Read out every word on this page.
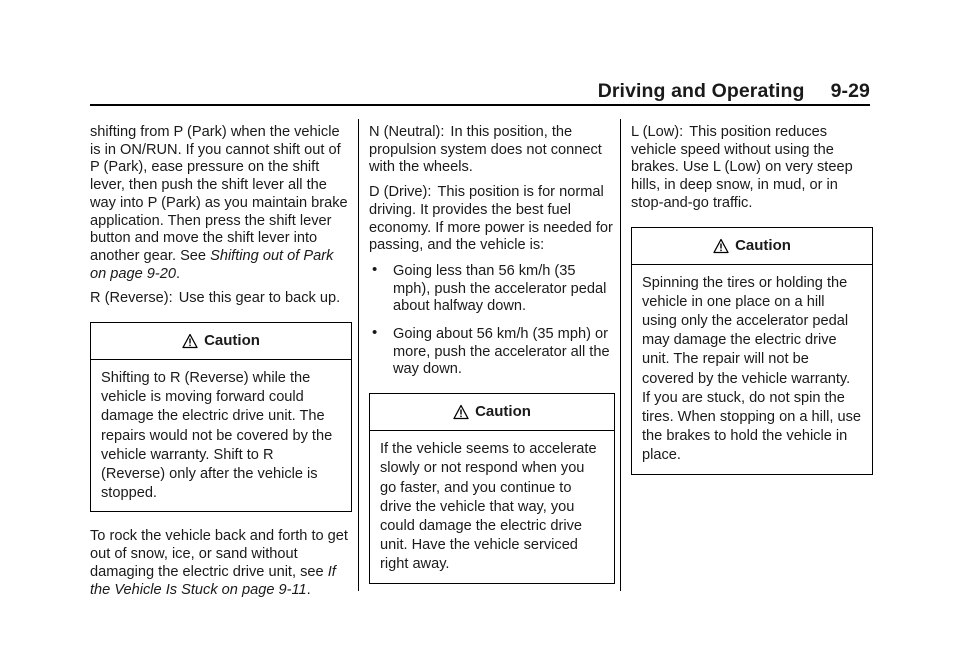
Driving and Operating 9-29

shifting from P (Park) when the vehicle is in ON/RUN. If you cannot shift out of P (Park), ease pressure on the shift lever, then push the shift lever all the way into P (Park) as you maintain brake application. Then press the shift lever button and move the shift lever into another gear. See Shifting out of Park on page 9-20.

R (Reverse): Use this gear to back up.

Caution
Shifting to R (Reverse) while the vehicle is moving forward could damage the electric drive unit. The repairs would not be covered by the vehicle warranty. Shift to R (Reverse) only after the vehicle is stopped.

To rock the vehicle back and forth to get out of snow, ice, or sand without damaging the electric drive unit, see If the Vehicle Is Stuck on page 9-11.

N (Neutral): In this position, the propulsion system does not connect with the wheels.

D (Drive): This position is for normal driving. It provides the best fuel economy. If more power is needed for passing, and the vehicle is:

• Going less than 56 km/h (35 mph), push the accelerator pedal about halfway down.
• Going about 56 km/h (35 mph) or more, push the accelerator all the way down.
Caution
If the vehicle seems to accelerate slowly or not respond when you go faster, and you continue to drive the vehicle that way, you could damage the electric drive unit. Have the vehicle serviced right away.

L (Low): This position reduces vehicle speed without using the brakes. Use L (Low) on very steep hills, in deep snow, in mud, or in stop-and-go traffic.

Caution
Spinning the tires or holding the vehicle in one place on a hill using only the accelerator pedal may damage the electric drive unit. The repair will not be covered by the vehicle warranty. If you are stuck, do not spin the tires. When stopping on a hill, use the brakes to hold the vehicle in place.
